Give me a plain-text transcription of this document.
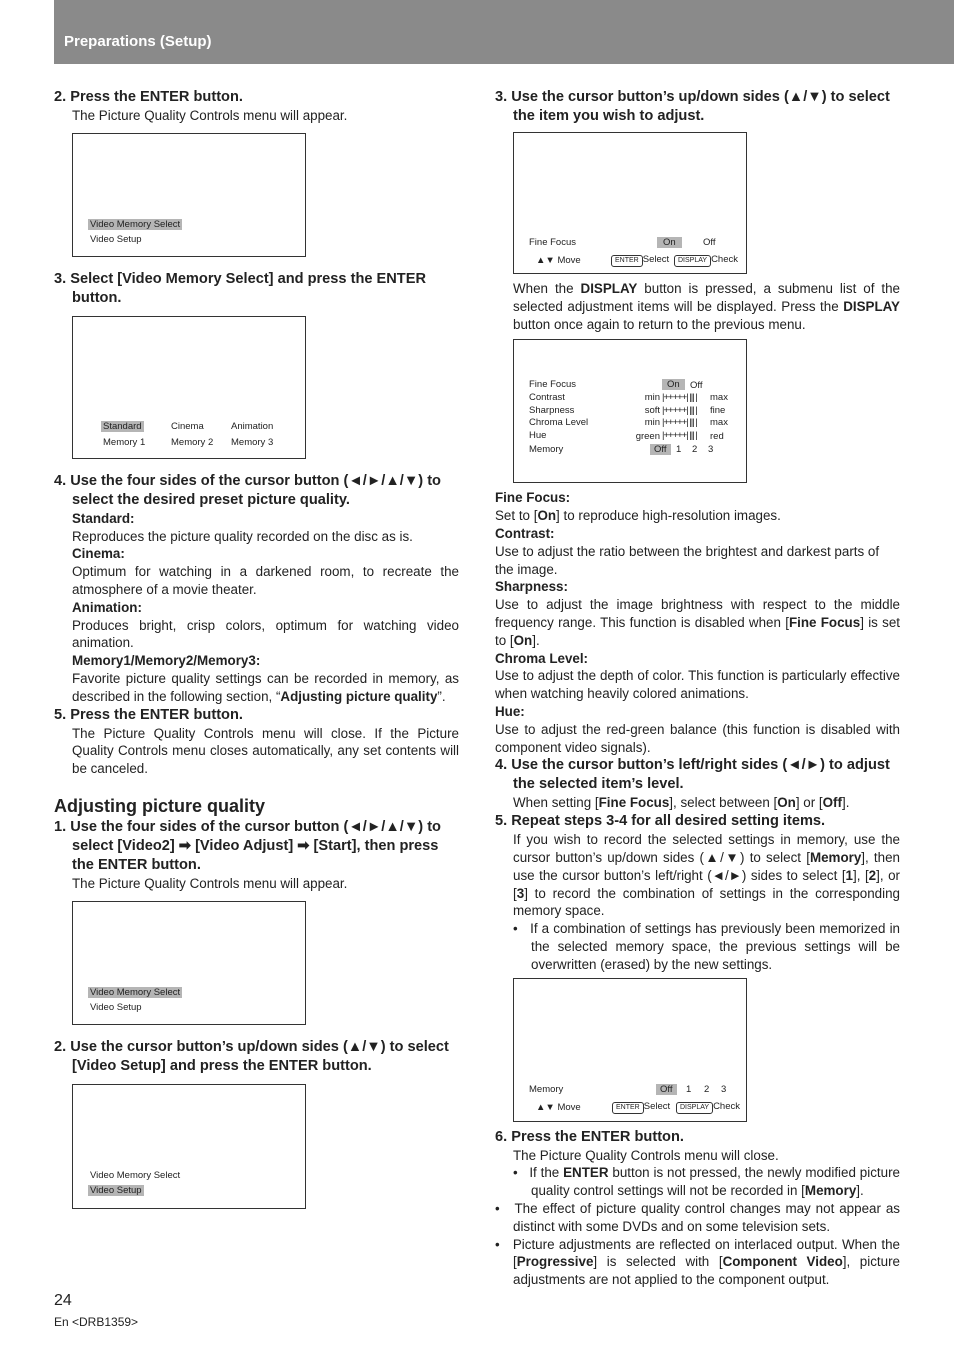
Preparations (Setup)

2. Press the ENTER button.

The Picture Quality Controls menu will appear.

Video Memory Select
Video Setup

3. Select [Video Memory Select] and press the ENTER button.

Standard	Cinema	Animation
Memory 1	Memory 2 Memory 3

4. Use the four sides of the cursor button (◄/►/▲/▼) to select the desired preset picture quality.

Standard:

Reproduces the picture quality recorded on the disc as is.

Cinema:

Optimum for watching in a darkened room, to recreate the atmosphere of a movie theater.

Animation:

Produces bright, crisp colors, optimum for watching video animation.

Memory1/Memory2/Memory3:

Favorite picture quality settings can be recorded in memory, as described in the following section, “Adjusting picture quality”.

5. Press the ENTER button.

The Picture Quality Controls menu will close. If the Picture Quality Controls menu closes automatically, any set contents will be canceled.

Adjusting picture quality

1. Use the four sides of the cursor button (◄/►/▲/▼) to select [Video2] ➡ [Video Adjust] ➡ [Start], then press the ENTER button.

The Picture Quality Controls menu will appear.

Video Memory Select
Video Setup

2. Use the cursor button’s up/down sides (▲/▼) to select [Video Setup] and press the ENTER button.

Video Memory Select
Video Setup

3. Use the cursor button’s up/down sides (▲/▼) to select the item you wish to adjust.

Fine Focus	On	Off
▲▼ Move	ENTER Select	DISPLAY Check

When the DISPLAY button is pressed, a submenu list of the selected adjustment items will be displayed. Press the DISPLAY button once again to return to the previous menu.

Fine Focus	On	Off
Contrast	min |+++++| ||| | max
Sharpness	soft |+++++| ||| | fine
Chroma Level	min |+++++| ||| | max
Hue	green |+++++| ||| | red
Memory	Off	1 2 3

Fine Focus:

Set to [On] to reproduce high-resolution images.

Contrast:

Use to adjust the ratio between the brightest and darkest parts of the image.

Sharpness:

Use to adjust the image brightness with respect to the middle frequency range. This function is disabled when [Fine Focus] is set to [On].

Chroma Level:

Use to adjust the depth of color. This function is particularly effective when watching heavily colored animations.

Hue:

Use to adjust the red-green balance (this function is disabled with component video signals).

4. Use the cursor button’s left/right sides (◄/►) to adjust the selected item’s level.

When setting [Fine Focus], select between [On] or [Off].

5. Repeat steps 3-4 for all desired setting items.

If you wish to record the selected settings in memory, use the cursor button’s up/down sides (▲/▼) to select [Memory], then use the cursor button’s left/right (◄/►) sides to select [1], [2], or [3] to record the combination of settings in the corresponding memory space.

•   If a combination of settings has previously been memorized in the selected memory space, the previous settings will be overwritten (erased) by the new settings.

Memory	Off	1 2 3
▲▼ Move	ENTER Select	DISPLAY Check

6. Press the ENTER button.

The Picture Quality Controls menu will close.

•   If the ENTER button is not pressed, the newly modified picture quality control settings will not be recorded in [Memory].

•   The effect of picture quality control changes may not appear as distinct with some DVDs and on some television sets.

•   Picture adjustments are reflected on interlaced output. When the [Progressive] is selected with [Component Video], picture adjustments are not applied to the component output.

24
En <DRB1359>
